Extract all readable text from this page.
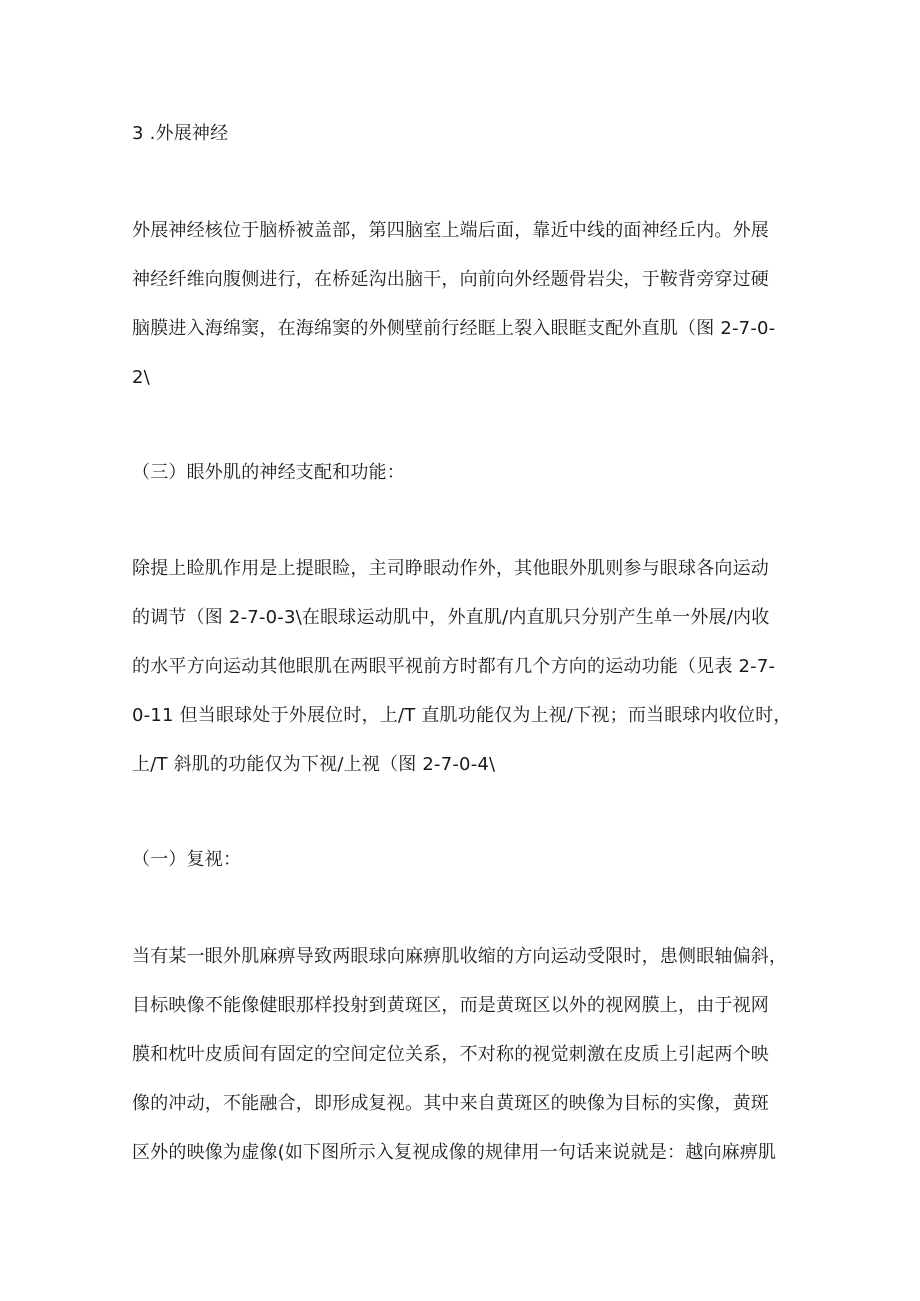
3 .外展神经
外展神经核位于脑桥被盖部，第四脑室上端后面，靠近中线的面神经丘内。外展
神经纤维向腹侧进行，在桥延沟出脑干，向前向外经题骨岩尖，于鞍背旁穿过硬
脑膜进入海绵窦，在海绵窦的外侧壁前行经眶上裂入眼眶支配外直肌（图 2-7-0-
2\
（三）眼外肌的神经支配和功能：
除提上睑肌作用是上提眼睑，主司睁眼动作外，其他眼外肌则参与眼球各向运动
的调节（图 2-7-0-3\在眼球运动肌中，外直肌/内直肌只分别产生单一外展/内收
的水平方向运动其他眼肌在两眼平视前方时都有几个方向的运动功能（见表 2-7-
0-11 但当眼球处于外展位时，上/T 直肌功能仅为上视/下视；而当眼球内收位时，
上/T 斜肌的功能仅为下视/上视（图 2-7-0-4\
（一）复视：
当有某一眼外肌麻痹导致两眼球向麻痹肌收缩的方向运动受限时，患侧眼轴偏斜，
目标映像不能像健眼那样投射到黄斑区，而是黄斑区以外的视网膜上，由于视网
膜和枕叶皮质间有固定的空间定位关系，不对称的视觉刺激在皮质上引起两个映
像的冲动，不能融合，即形成复视。其中来自黄斑区的映像为目标的实像，黄斑
区外的映像为虚像(如下图所示入复视成像的规律用一句话来说就是：越向麻痹肌
